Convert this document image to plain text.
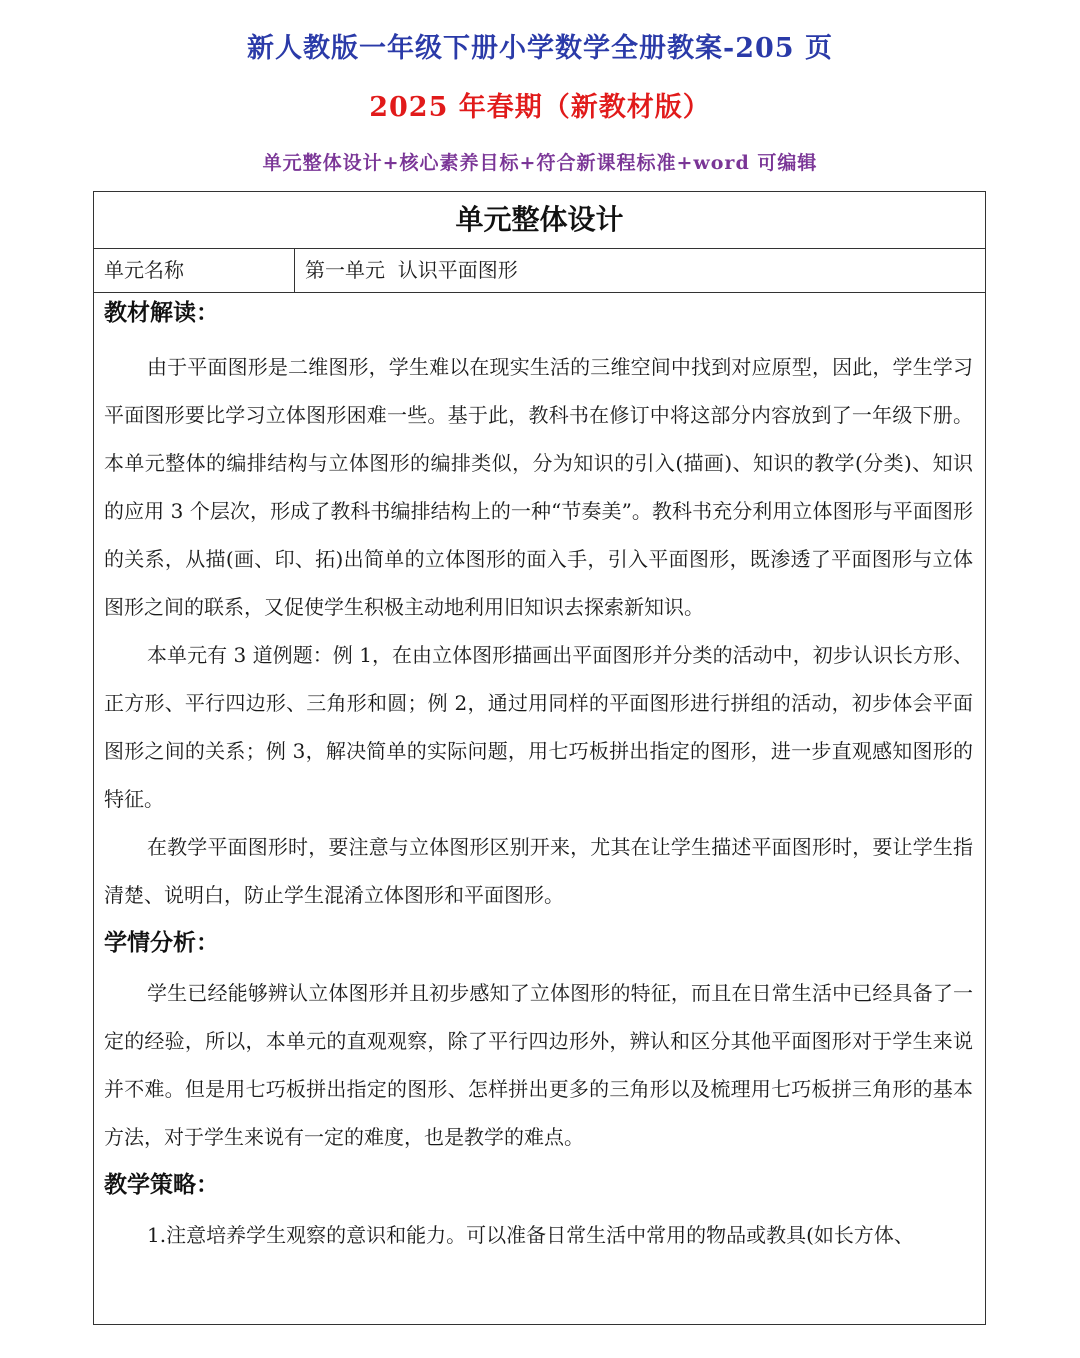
新人教版一年级下册小学数学全册教案-205 页
2025 年春期（新教材版）
单元整体设计+核心素养目标+符合新课程标准+word 可编辑
单元整体设计
单元名称	第一单元  认识平面图形
教材解读：

由于平面图形是二维图形，学生难以在现实生活的三维空间中找到对应原型，因此，学生学习平面图形要比学习立体图形困难一些。基于此，教科书在修订中将这部分内容放到了一年级下册。本单元整体的编排结构与立体图形的编排类似，分为知识的引入(描画)、知识的教学(分类)、知识的应用 3 个层次，形成了教科书编排结构上的一种“节奏美”。教科书充分利用立体图形与平面图形的关系，从描(画、印、拓)出简单的立体图形的面入手，引入平面图形，既渗透了平面图形与立体图形之间的联系，又促使学生积极主动地利用旧知识去探索新知识。

本单元有 3 道例题：例 1，在由立体图形描画出平面图形并分类的活动中，初步认识长方形、正方形、平行四边形、三角形和圆；例 2，通过用同样的平面图形进行拼组的活动，初步体会平面图形之间的关系；例 3，解决简单的实际问题，用七巧板拼出指定的图形，进一步直观感知图形的特征。

在教学平面图形时，要注意与立体图形区别开来，尤其在让学生描述平面图形时，要让学生指清楚、说明白，防止学生混淆立体图形和平面图形。

学情分析：

学生已经能够辨认立体图形并且初步感知了立体图形的特征，而且在日常生活中已经具备了一定的经验，所以，本单元的直观观察，除了平行四边形外，辨认和区分其他平面图形对于学生来说并不难。但是用七巧板拼出指定的图形、怎样拼出更多的三角形以及梳理用七巧板拼三角形的基本方法，对于学生来说有一定的难度，也是教学的难点。

教学策略：

1.注意培养学生观察的意识和能力。可以准备日常生活中常用的物品或教具(如长方体、
